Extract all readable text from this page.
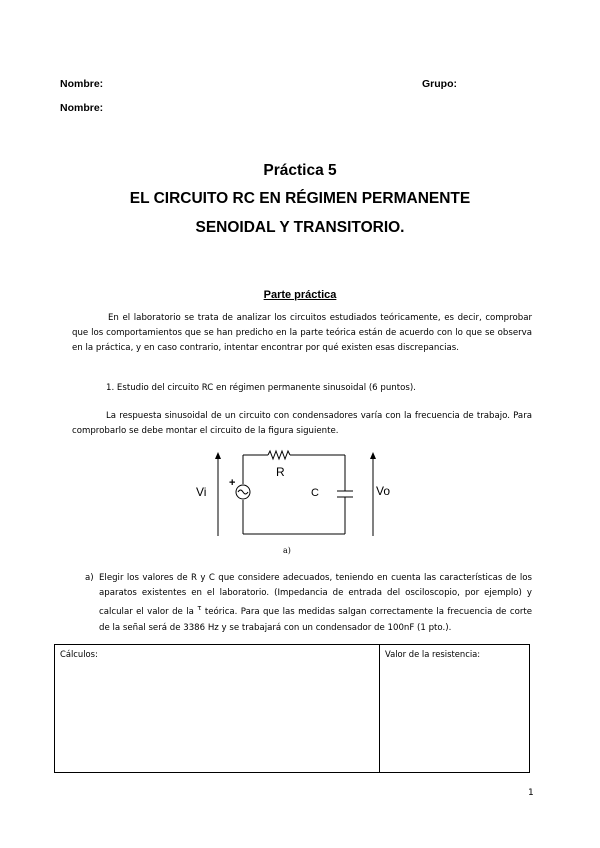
Nombre:	Grupo:
Nombre:
Práctica 5
EL CIRCUITO RC EN RÉGIMEN PERMANENTE
SENOIDAL Y TRANSITORIO.
Parte práctica
En el laboratorio se trata de analizar los circuitos estudiados teóricamente, es decir, comprobar que los comportamientos que se han predicho en la parte teórica están de acuerdo con lo que se observa en la práctica, y en caso contrario, intentar encontrar por qué existen esas discrepancias.
1. Estudio del circuito RC en régimen permanente sinusoidal (6 puntos).
La respuesta sinusoidal de un circuito con condensadores varía con la frecuencia de trabajo. Para comprobarlo se debe montar el circuito de la figura siguiente.
Vi
+
R
C	Vo
a)
a) Elegir los valores de R y C que considere adecuados, teniendo en cuenta las características de los aparatos existentes en el laboratorio. (Impedancia de entrada del osciloscopio, por ejemplo) y calcular el valor de la $^\tau$ teórica. Para que las medidas salgan correctamente la frecuencia de corte de la señal será de 3386 Hz y se trabajará con un condensador de 100nF (1 pto.).
Cálculos:	Valor de la resistencia:
1
